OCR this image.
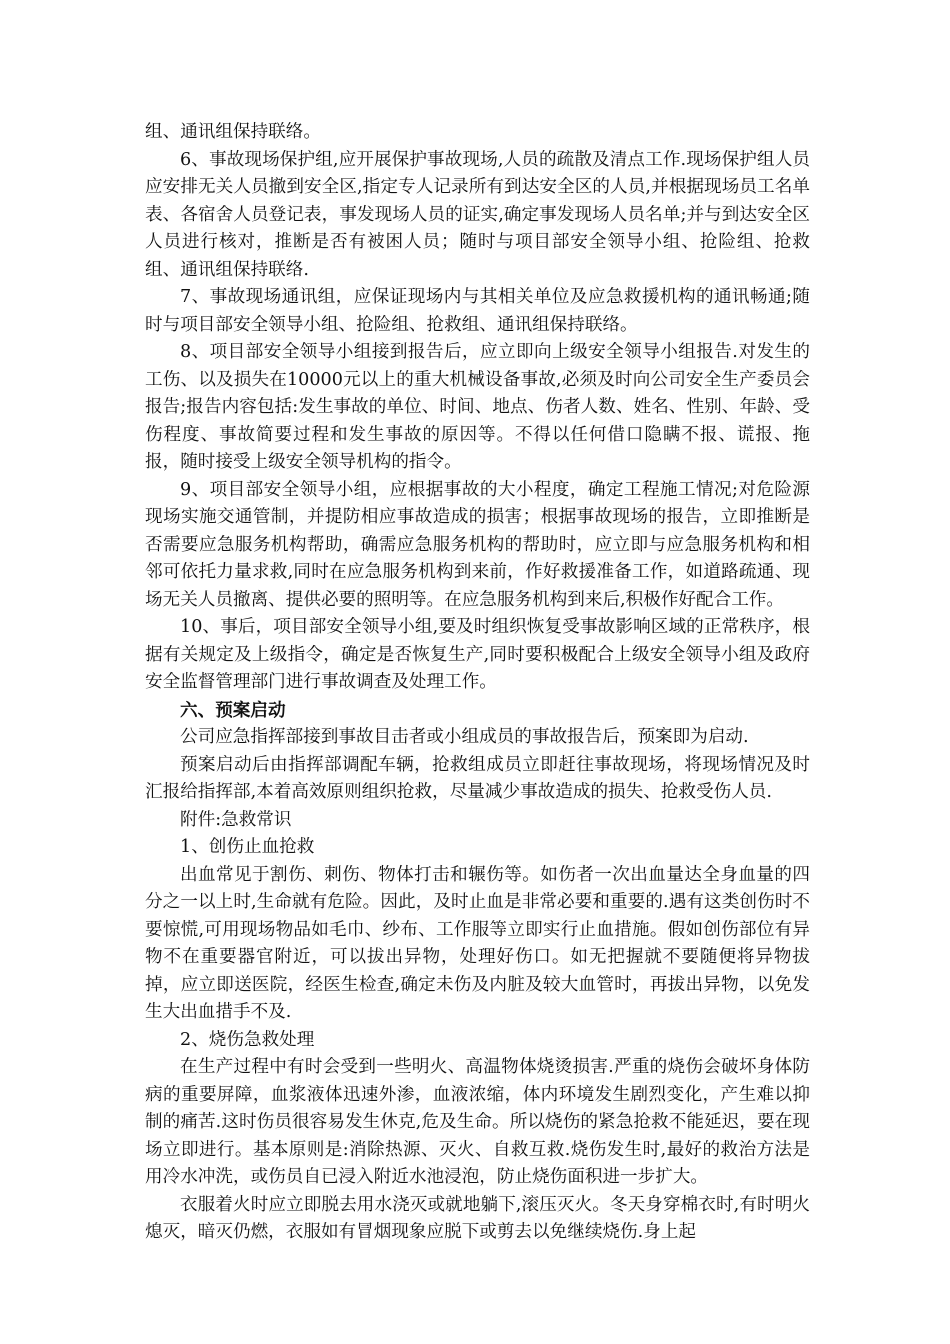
组、通讯组保持联络。

6、事故现场保护组,应开展保护事故现场,人员的疏散及清点工作.现场保护组人员应安排无关人员撤到安全区,指定专人记录所有到达安全区的人员,并根据现场员工名单表、各宿舍人员登记表，事发现场人员的证实,确定事发现场人员名单;并与到达安全区人员进行核对，推断是否有被困人员；随时与项目部安全领导小组、抢险组、抢救组、通讯组保持联络.

7、事故现场通讯组，应保证现场内与其相关单位及应急救援机构的通讯畅通;随时与项目部安全领导小组、抢险组、抢救组、通讯组保持联络。

8、项目部安全领导小组接到报告后，应立即向上级安全领导小组报告.对发生的工伤、以及损失在10000元以上的重大机械设备事故,必须及时向公司安全生产委员会报告;报告内容包括:发生事故的单位、时间、地点、伤者人数、姓名、性别、年龄、受伤程度、事故简要过程和发生事故的原因等。不得以任何借口隐瞒不报、谎报、拖报，随时接受上级安全领导机构的指令。

9、项目部安全领导小组，应根据事故的大小程度，确定工程施工情况;对危险源现场实施交通管制，并提防相应事故造成的损害；根据事故现场的报告，立即推断是否需要应急服务机构帮助，确需应急服务机构的帮助时，应立即与应急服务机构和相邻可依托力量求救,同时在应急服务机构到来前，作好救援准备工作，如道路疏通、现场无关人员撤离、提供必要的照明等。在应急服务机构到来后,积极作好配合工作。

10、事后，项目部安全领导小组,要及时组织恢复受事故影响区域的正常秩序，根据有关规定及上级指令，确定是否恢复生产,同时要积极配合上级安全领导小组及政府安全监督管理部门进行事故调查及处理工作。

六、预案启动

公司应急指挥部接到事故目击者或小组成员的事故报告后，预案即为启动.

预案启动后由指挥部调配车辆，抢救组成员立即赶往事故现场，将现场情况及时汇报给指挥部,本着高效原则组织抢救，尽量减少事故造成的损失、抢救受伤人员.

附件:急救常识

1、创伤止血抢救

出血常见于割伤、刺伤、物体打击和辗伤等。如伤者一次出血量达全身血量的四分之一以上时,生命就有危险。因此，及时止血是非常必要和重要的.遇有这类创伤时不要惊慌,可用现场物品如毛巾、纱布、工作服等立即实行止血措施。假如创伤部位有异物不在重要器官附近，可以拔出异物，处理好伤口。如无把握就不要随便将异物拔掉，应立即送医院，经医生检查,确定未伤及内脏及较大血管时，再拔出异物，以免发生大出血措手不及.

2、烧伤急救处理

在生产过程中有时会受到一些明火、高温物体烧烫损害.严重的烧伤会破坏身体防病的重要屏障，血浆液体迅速外渗，血液浓缩，体内环境发生剧烈变化，产生难以抑制的痛苦.这时伤员很容易发生休克,危及生命。所以烧伤的紧急抢救不能延迟，要在现场立即进行。基本原则是:消除热源、灭火、自救互救.烧伤发生时,最好的救治方法是用冷水冲洗，或伤员自已浸入附近水池浸泡，防止烧伤面积进一步扩大。

衣服着火时应立即脱去用水浇灭或就地躺下,滚压灭火。冬天身穿棉衣时,有时明火熄灭，暗灭仍燃，衣服如有冒烟现象应脱下或剪去以免继续烧伤.身上起
